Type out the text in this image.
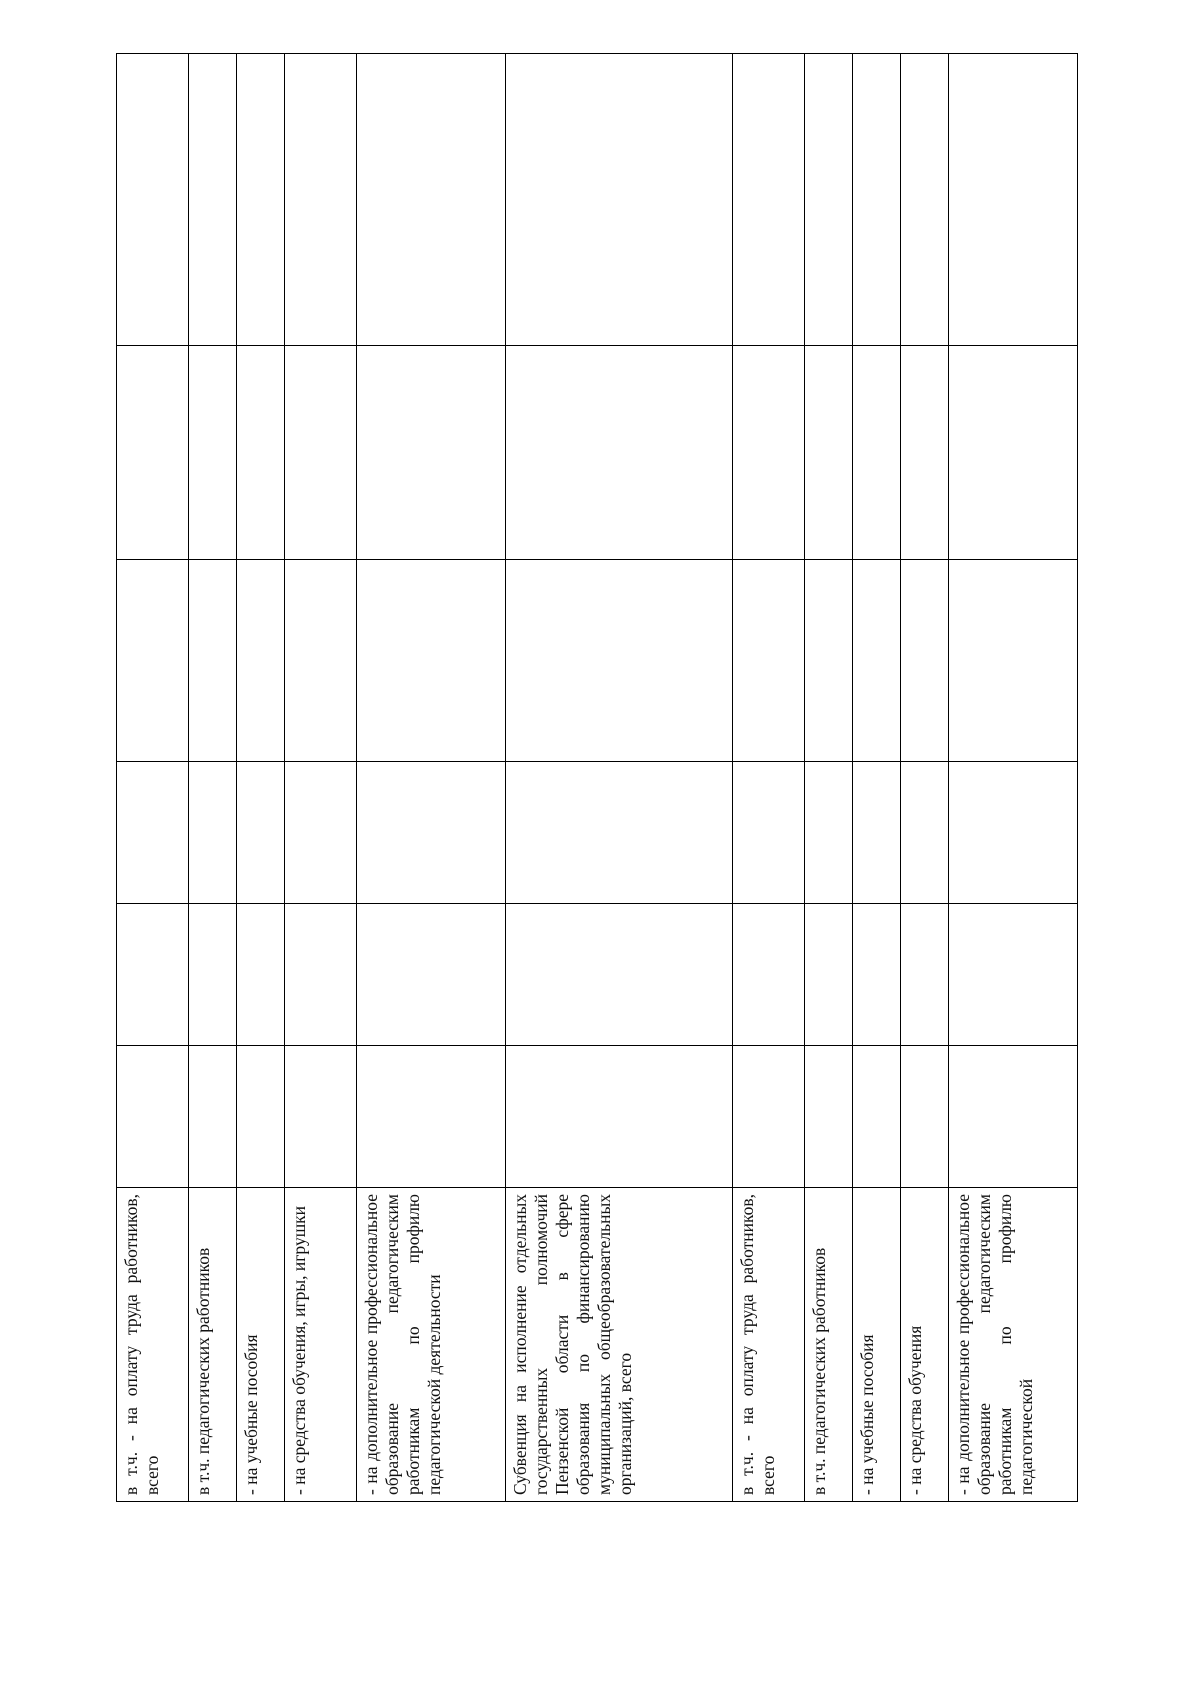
в т.ч. - на оплату труда работников, всего						
в т.ч. педагогических работников						
- на учебные пособия						
- на средства обучения, игры, игрушки						
- на дополнительное профессиональное образование педагогическим работникам по профилю педагогической деятельности						
Субвенция на исполнение отдельных государственных полномочий Пензенской области в сфере образования по финансированию муниципальных общеобразовательных организаций, всего						
в т.ч. - на оплату труда работников, всего						
в т.ч. педагогических работников						
- на учебные пособия						
- на средства обучения						
- на дополнительное профессиональное образование педагогическим работникам по профилю педагогической						
